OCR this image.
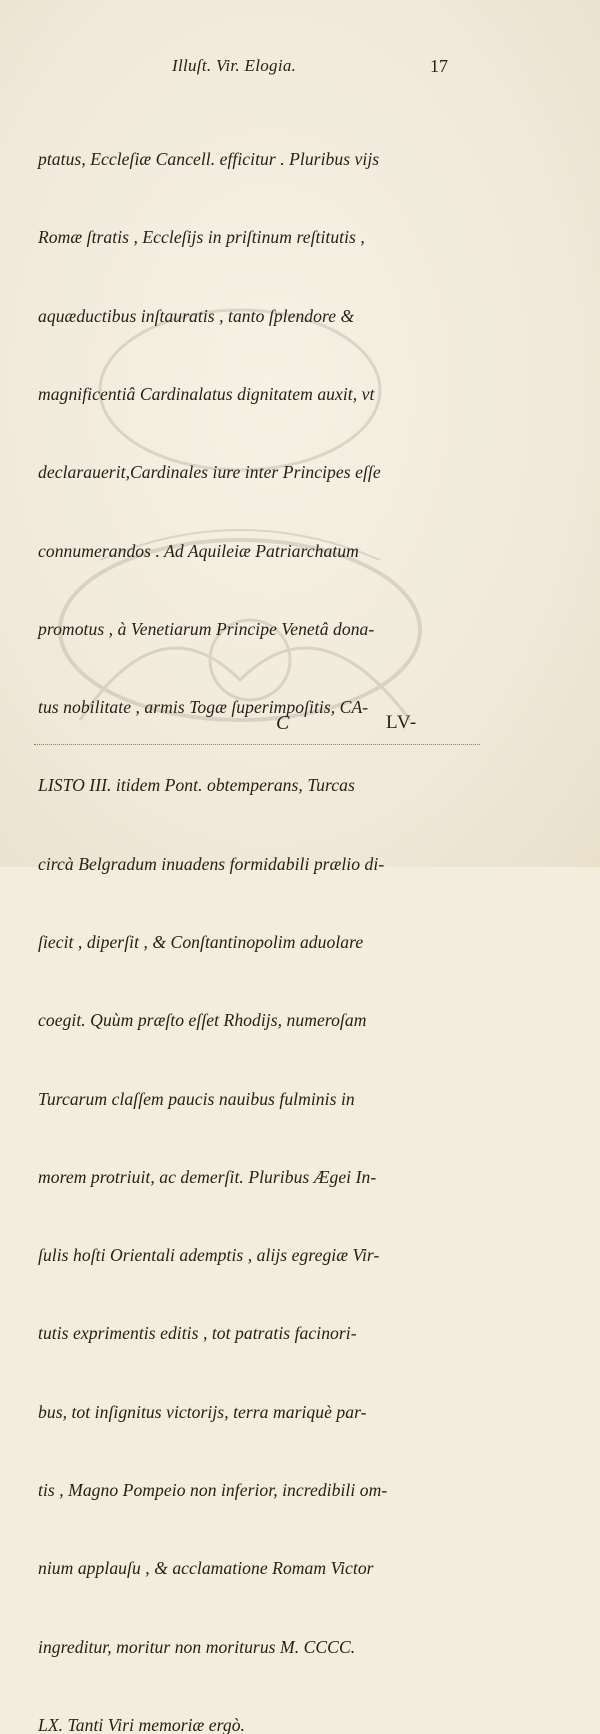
Illuſt. Vir. Elogia.	17

ptatus, Eccleſiæ Cancell. efficitur . Pluribus vijs

Romæ ſtratis , Eccleſijs in priſtinum reſtitutis ,

aquæductibus inſtauratis , tanto ſplendore &

magnificentiâ Cardinalatus dignitatem auxit, vt

declarauerit,Cardinales iure inter Principes eſſe

connumerandos . Ad Aquileiæ Patriarchatum

promotus , à Venetiarum Principe Venetâ dona-

tus nobilitate , armis Togæ ſuperimpoſitis, CA-

LISTO III. itidem Pont. obtemperans, Turcas

circà Belgradum inuadens formidabili prælio di-

ſiecit , diperſit , & Conſtantinopolim aduolare

coegit. Quùm præſto eſſet Rhodijs, numeroſam

Turcarum claſſem paucis nauibus fulminis in

morem protriuit, ac demerſit. Pluribus Ægei In-

ſulis hoſti Orientali ademptis , alijs egregiæ Vir-

tutis exprimentis editis , tot patratis facinori-

bus, tot inſignitus victorijs, terra mariquè par-

tis , Magno Pompeio non inferior, incredibili om-

nium applauſu , & acclamatione Romam Victor

ingreditur, moritur non moriturus M. CCCC.

LX. Tanti Viri memoriæ ergò.

C	LV-
